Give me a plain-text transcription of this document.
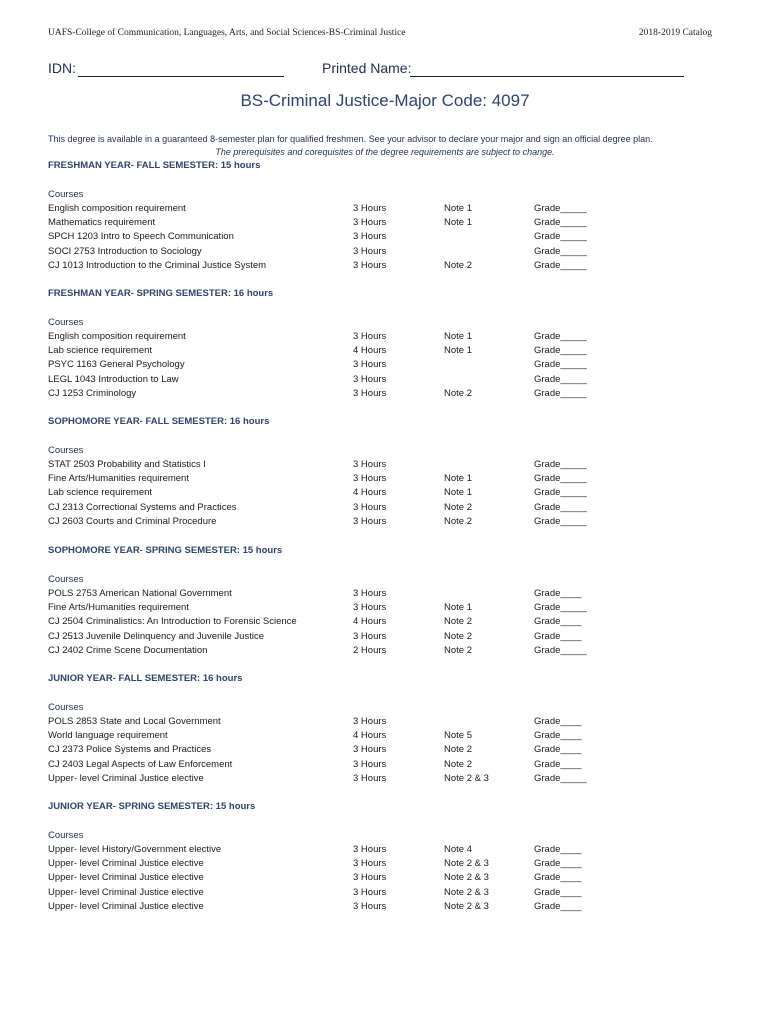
UAFS-College of Communication, Languages, Arts, and Social Sciences-BS-Criminal Justice	2018-2019 Catalog
IDN:	Printed Name:
BS-Criminal Justice-Major Code: 4097
This degree is available in a guaranteed 8-semester plan for qualified freshmen. See your advisor to declare your major and sign an official degree plan.
The prerequisites and corequisites of the degree requirements are subject to change.
FRESHMAN YEAR- FALL SEMESTER: 15 hours
Courses
English composition requirement	3 Hours	Note 1	Grade_____
Mathematics requirement	3 Hours	Note 1	Grade_____
SPCH 1203 Intro to Speech Communication	3 Hours	Grade_____
SOCI 2753 Introduction to Sociology	3 Hours	Grade_____
CJ 1013 Introduction to the Criminal Justice System	3 Hours	Note 2	Grade_____
FRESHMAN YEAR- SPRING SEMESTER: 16 hours
Courses
English composition requirement	3 Hours	Note 1	Grade_____
Lab science requirement	4 Hours	Note 1	Grade_____
PSYC 1163 General Psychology	3 Hours	Grade_____
LEGL 1043 Introduction to Law	3 Hours	Grade_____
CJ 1253 Criminology	3 Hours	Note 2	Grade_____
SOPHOMORE YEAR- FALL SEMESTER: 16 hours
Courses
STAT 2503 Probability and Statistics I	3 Hours	Grade_____
Fine Arts/Humanities requirement	3 Hours	Note 1	Grade_____
Lab science requirement	4 Hours	Note 1	Grade_____
CJ 2313 Correctional Systems and Practices	3 Hours	Note 2	Grade_____
CJ 2603 Courts and Criminal Procedure	3 Hours	Note 2	Grade_____
SOPHOMORE YEAR- SPRING SEMESTER: 15 hours
Courses
POLS 2753 American National Government	3 Hours	Grade____
Fine Arts/Humanities requirement	3 Hours	Note 1	Grade_____
CJ 2504 Criminalistics: An Introduction to Forensic Science	4 Hours	Note 2	Grade____
CJ 2513 Juvenile Delinquency and Juvenile Justice	3 Hours	Note 2	Grade____
CJ 2402 Crime Scene Documentation	2 Hours	Note 2	Grade_____
JUNIOR YEAR- FALL SEMESTER: 16 hours
Courses
POLS 2853 State and Local Government	3 Hours	Grade____
World language requirement	4 Hours	Note 5	Grade____
CJ 2373 Police Systems and Practices	3 Hours	Note 2	Grade____
CJ 2403 Legal Aspects of Law Enforcement	3 Hours	Note 2	Grade____
Upper- level Criminal Justice elective	3 Hours	Note 2 & 3	Grade_____
JUNIOR YEAR- SPRING SEMESTER: 15 hours
Courses
Upper- level History/Government elective	3 Hours	Note 4	Grade____
Upper- level Criminal Justice elective	3 Hours	Note 2 & 3	Grade____
Upper- level Criminal Justice elective	3 Hours	Note 2 & 3	Grade____
Upper- level Criminal Justice elective	3 Hours	Note 2 & 3	Grade____
Upper- level Criminal Justice elective	3 Hours	Note 2 & 3	Grade____
